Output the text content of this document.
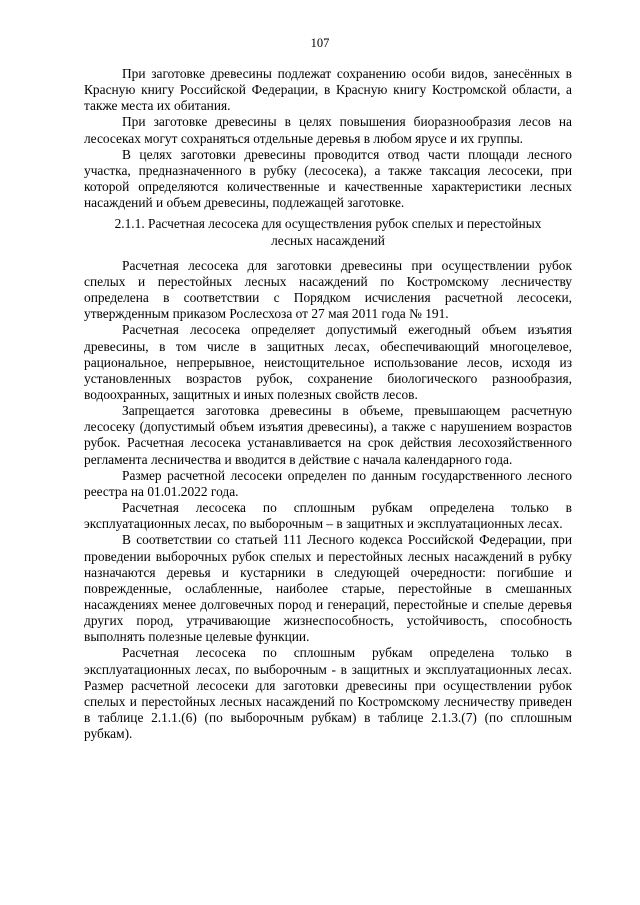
107

При заготовке древесины подлежат сохранению особи видов, занесённых в Красную книгу Российской Федерации, в Красную книгу Костромской области, а также места их обитания.

При заготовке древесины в целях повышения биоразнообразия лесов на лесосеках могут сохраняться отдельные деревья в любом ярусе и их группы.

В целях заготовки древесины проводится отвод части площади лесного участка, предназначенного в рубку (лесосека), а также таксация лесосеки, при которой определяются количественные и качественные характеристики лесных насаждений и объем древесины, подлежащей заготовке.

2.1.1. Расчетная лесосека для осуществления рубок спелых и перестойных
лесных насаждений

Расчетная лесосека для заготовки древесины при осуществлении рубок спелых и перестойных лесных насаждений по Костромскому лесничеству определена в соответствии с Порядком исчисления расчетной лесосеки, утвержденным приказом Рослесхоза от 27 мая 2011 года № 191.

Расчетная лесосека определяет допустимый ежегодный объем изъятия древесины, в том числе в защитных лесах, обеспечивающий многоцелевое, рациональное, непрерывное, неистощительное использование лесов, исходя из установленных возрастов рубок, сохранение биологического разнообразия, водоохранных, защитных и иных полезных свойств лесов.

Запрещается заготовка древесины в объеме, превышающем расчетную лесосеку (допустимый объем изъятия древесины), а также с нарушением возрастов рубок. Расчетная лесосека устанавливается на срок действия лесохозяйственного регламента лесничества и вводится в действие с начала календарного года.

Размер расчетной лесосеки определен по данным государственного лесного реестра на 01.01.2022 года.

Расчетная лесосека по сплошным рубкам определена только в эксплуатационных лесах, по выборочным – в защитных и эксплуатационных лесах.

В соответствии со статьей 111 Лесного кодекса Российской Федерации, при проведении выборочных рубок спелых и перестойных лесных насаждений в рубку назначаются деревья и кустарники в следующей очередности: погибшие и поврежденные, ослабленные, наиболее старые, перестойные в смешанных насаждениях менее долговечных пород и генераций, перестойные и спелые деревья других пород, утрачивающие жизнеспособность, устойчивость, способность выполнять полезные целевые функции.

Расчетная лесосека по сплошным рубкам определена только в эксплуатационных лесах, по выборочным - в защитных и эксплуатационных лесах. Размер расчетной лесосеки для заготовки древесины при осуществлении рубок спелых и перестойных лесных насаждений по Костромскому лесничеству приведен в таблице 2.1.1.(6) (по выборочным рубкам) в таблице 2.1.3.(7) (по сплошным рубкам).
